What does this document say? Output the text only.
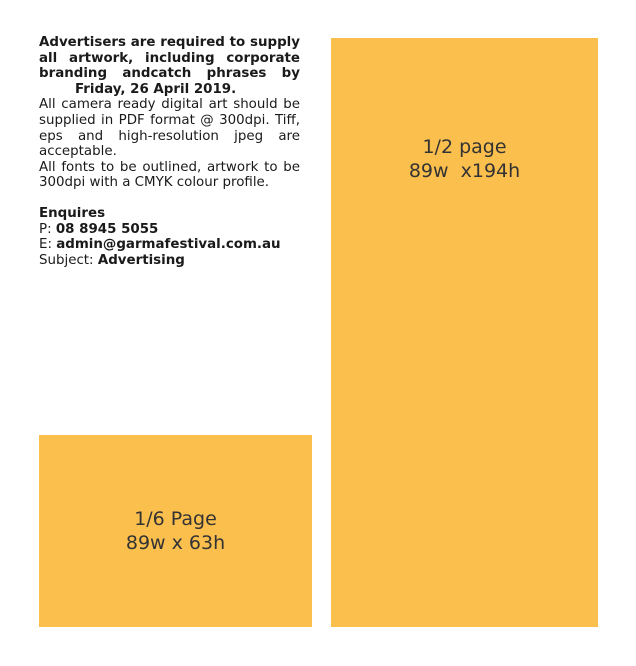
Advertisers are required to supply all artwork, including corporate branding andcatch phrases by
Friday, 26 April 2019.

All camera ready digital art should be supplied in PDF format @ 300dpi. Tiff, eps and high-resolution jpeg are acceptable.

All fonts to be outlined, artwork to be 300dpi with a CMYK colour profile.

Enquires

P: 08 8945 5055

E: admin@garmafestival.com.au

Subject: Advertising

1/2 page
89w  x194h
1/6 Page
89w x 63h
